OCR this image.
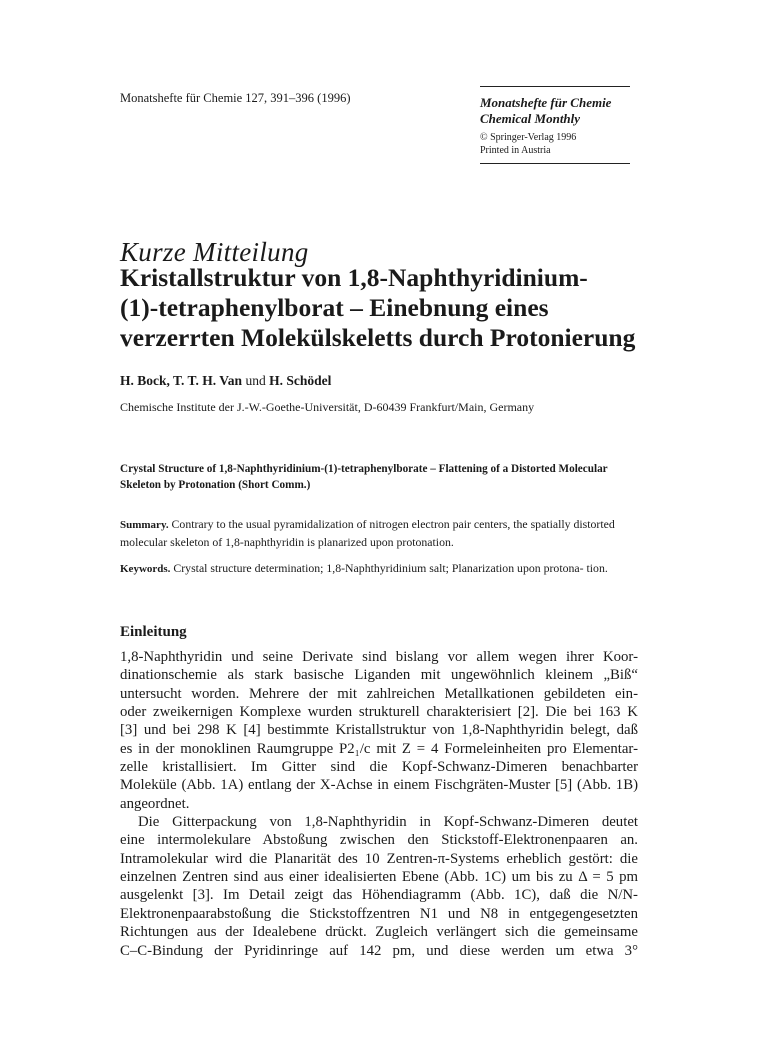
Monatshefte für Chemie 127, 391–396 (1996)	Monatshefte für Chemie
Chemical Monthly
© Springer-Verlag 1996
Printed in Austria
Kurze Mitteilung
Kristallstruktur von 1,8-Naphthyridinium-
(1)-tetraphenylborat – Einebnung eines
verzerrten Molekülskeletts durch Protonierung
H. Bock, T. T. H. Van und H. Schödel
Chemische Institute der J.-W.-Goethe-Universität, D-60439 Frankfurt/Main, Germany
Crystal Structure of 1,8-Naphthyridinium-(1)-tetraphenylborate – Flattening of a Distorted Molecular Skeleton by Protonation (Short Comm.)
Summary. Contrary to the usual pyramidalization of nitrogen electron pair centers, the spatially distorted molecular skeleton of 1,8-naphthyridin is planarized upon protonation.
Keywords. Crystal structure determination; 1,8-Naphthyridinium salt; Planarization upon protona- tion.
Einleitung
1,8-Naphthyridin und seine Derivate sind bislang vor allem wegen ihrer Koor-
dinationschemie als stark basische Liganden mit ungewöhnlich kleinem „Biß“
untersucht worden. Mehrere der mit zahlreichen Metallkationen gebildeten ein-
oder zweikernigen Komplexe wurden strukturell charakterisiert [2]. Die bei 163 K
[3] und bei 298 K [4] bestimmte Kristallstruktur von 1,8-Naphthyridin belegt, daß
es in der monoklinen Raumgruppe P2₁/c mit Z = 4 Formeleinheiten pro Elementar-
zelle kristallisiert. Im Gitter sind die Kopf-Schwanz-Dimeren benachbarter
Moleküle (Abb. 1A) entlang der X-Achse in einem Fischgräten-Muster [5] (Abb. 1B)
angeordnet.
Die Gitterpackung von 1,8-Naphthyridin in Kopf-Schwanz-Dimeren deutet
eine intermolekulare Abstoßung zwischen den Stickstoff-Elektronenpaaren an.
Intramolekular wird die Planarität des 10 Zentren-π-Systems erheblich gestört: die
einzelnen Zentren sind aus einer idealisierten Ebene (Abb. 1C) um bis zu Δ = 5 pm
ausgelenkt [3]. Im Detail zeigt das Höhendiagramm (Abb. 1C), daß die N/N-
Elektronenpaarabstoßung die Stickstoffzentren N1 und N8 in entgegengesetzten
Richtungen aus der Idealebene drückt. Zugleich verlängert sich die gemeinsame
C–C-Bindung der Pyridinringe auf 142 pm, und diese werden um etwa 3°
